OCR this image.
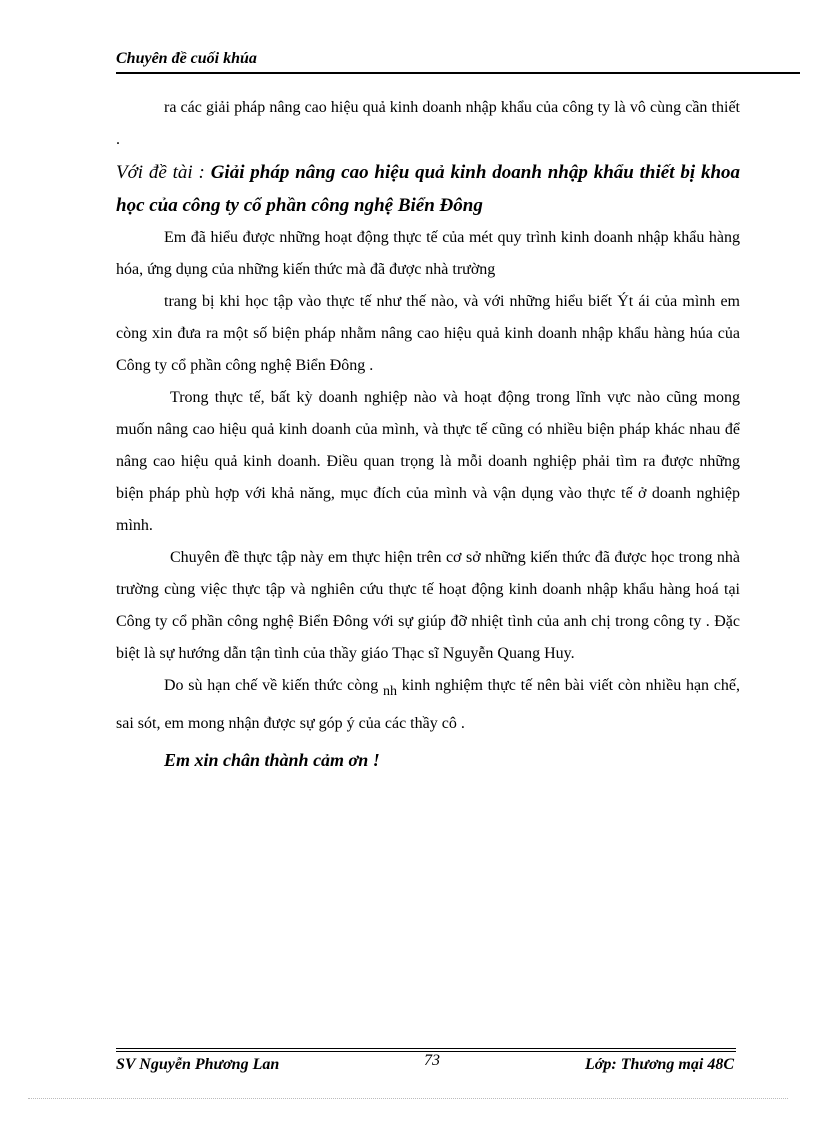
Chuyên đề cuối khúa

ra các giải pháp nâng cao hiệu quả kinh doanh nhập khẩu của công ty là vô cùng cần thiết .

Với đề tài : Giải pháp nâng cao hiệu quả kinh doanh nhập khẩu thiết bị khoa học của công ty cổ phần công nghệ Biển Đông

Em đã hiểu được những hoạt động thực tế của mét quy trình kinh doanh nhập khẩu hàng hóa, ứng dụng của những kiến thức mà đã được nhà trường

trang bị khi học tập vào thực tế như thế nào, và với những hiểu biết Ýt ái của mình em còng xin đưa ra một số biện pháp nhằm nâng cao hiệu quả kinh doanh nhập khẩu hàng húa của Công ty cổ phần công nghệ Biển Đông .

Trong thực tế, bất kỳ doanh nghiệp nào và hoạt động trong lĩnh vực nào cũng mong muốn nâng cao hiệu quả kinh doanh của mình, và thực tế cũng có nhiều biện pháp khác nhau để nâng cao hiệu quả kinh doanh. Điều quan trọng là mỗi doanh nghiệp phải tìm ra được những biện pháp phù hợp với khả năng, mục đích của mình và vận dụng vào thực tế ở doanh nghiệp mình.

Chuyên đề thực tập này em thực hiện trên cơ sở những kiến thức đã được học trong nhà trường cùng việc thực tập và nghiên cứu thực tế hoạt động kinh doanh nhập khẩu hàng hoá tại Công ty cổ phần công nghệ Biển Đông với sự giúp đỡ nhiệt tình của anh chị trong công ty . Đặc biệt là sự hướng dẫn tận tình của thầy giáo Thạc sĩ Nguyễn Quang Huy.

Do sù hạn chế về kiến thức còng nh kinh nghiệm thực tế nên bài viết còn nhiều hạn chế, sai sót, em mong nhận được sự góp ý của các thầy cô .

Em xin chân thành cảm ơn !

SV Nguyễn Phương Lan	73	Lớp: Thương mại 48C
